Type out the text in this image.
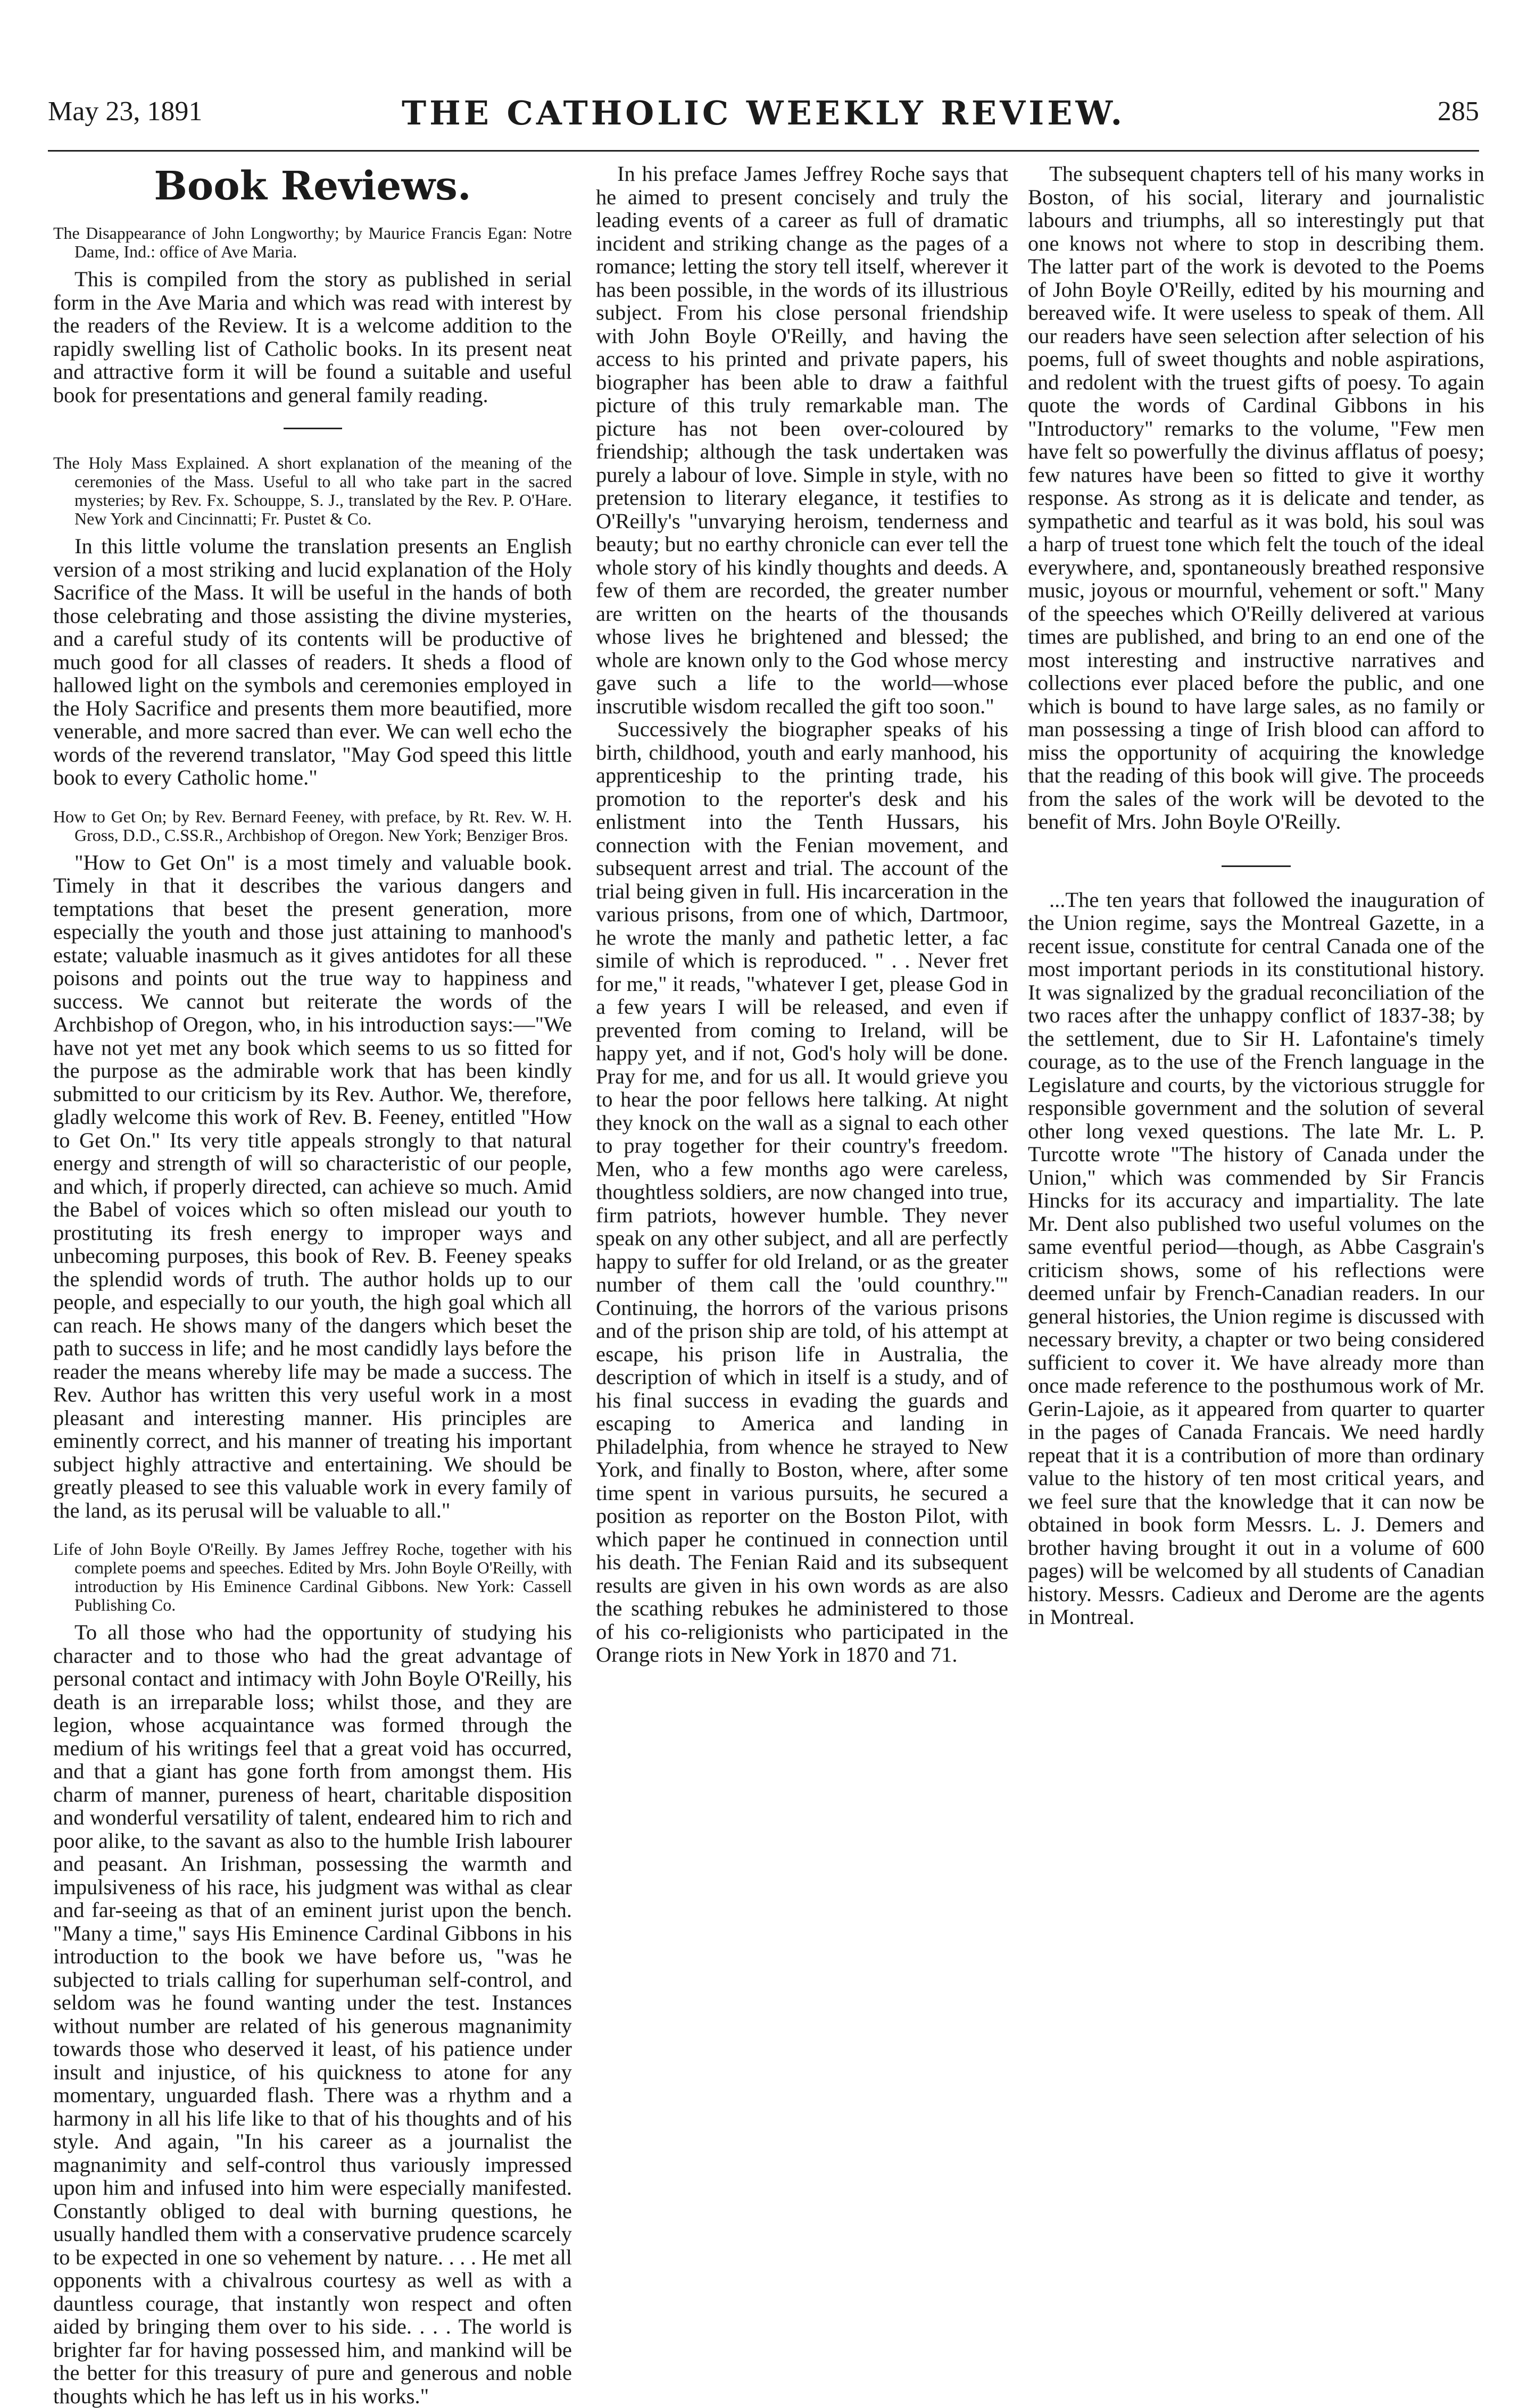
May 23, 1891	THE CATHOLIC WEEKLY REVIEW.	285
Book Reviews.
The Disappearance of John Longworthy; by Maurice Francis Egan: Notre Dame, Ind.: office of Ave Maria.

This is compiled from the story as published in serial form in the Ave Maria and which was read with interest by the readers of the Review. It is a welcome addition to the rapidly swelling list of Catholic books. In its present neat and attractive form it will be found a suitable and useful book for presentations and general family reading.

The Holy Mass Explained. A short explanation of the meaning of the ceremonies of the Mass. Useful to all who take part in the sacred mysteries; by Rev. Fx. Schouppe, S. J., translated by the Rev. P. O'Hare. New York and Cincinnatti; Fr. Pustet & Co.

In this little volume the translation presents an English version of a most striking and lucid explanation of the Holy Sacrifice of the Mass. It will be useful in the hands of both those celebrating and those assisting the divine mysteries, and a careful study of its contents will be productive of much good for all classes of readers. It sheds a flood of hallowed light on the symbols and ceremonies employed in the Holy Sacrifice and presents them more beautified, more venerable, and more sacred than ever. We can well echo the words of the reverend translator, "May God speed this little book to every Catholic home."

How to Get On; by Rev. Bernard Feeney, with preface, by Rt. Rev. W. H. Gross, D.D., C.SS.R., Archbishop of Oregon. New York; Benziger Bros.

"How to Get On" is a most timely and valuable book. Timely in that it describes the various dangers and temptations that beset the present generation, more especially the youth and those just attaining to manhood's estate; valuable inasmuch as it gives antidotes for all these poisons and points out the true way to happiness and success. We cannot but reiterate the words of the Archbishop of Oregon, who, in his introduction says:—"We have not yet met any book which seems to us so fitted for the purpose as the admirable work that has been kindly submitted to our criticism by its Rev. Author. We, therefore, gladly welcome this work of Rev. B. Feeney, entitled "How to Get On." Its very title appeals strongly to that natural energy and strength of will so characteristic of our people, and which, if properly directed, can achieve so much. Amid the Babel of voices which so often mislead our youth to prostituting its fresh energy to improper ways and unbecoming purposes, this book of Rev. B. Feeney speaks the splendid words of truth. The author holds up to our people, and especially to our youth, the high goal which all can reach. He shows many of the dangers which beset the path to success in life; and he most candidly lays before the reader the means whereby life may be made a success. The Rev. Author has written this very useful work in a most pleasant and interesting manner. His principles are eminently correct, and his manner of treating his important subject highly attractive and entertaining. We should be greatly pleased to see this valuable work in every family of the land, as its perusal will be valuable to all."

Life of John Boyle O'Reilly. By James Jeffrey Roche, together with his complete poems and speeches. Edited by Mrs. John Boyle O'Reilly, with introduction by His Eminence Cardinal Gibbons. New York: Cassell Publishing Co.

To all those who had the opportunity of studying his character and to those who had the great advantage of personal contact and intimacy with John Boyle O'Reilly, his death is an irreparable loss; whilst those, and they are legion, whose acquaintance was formed through the medium of his writings feel that a great void has occurred, and that a giant has gone forth from amongst them. His charm of manner, pureness of heart, charitable disposition and wonderful versatility of talent, endeared him to rich and poor alike, to the savant as also to the humble Irish labourer and peasant. An Irishman, possessing the warmth and impulsiveness of his race, his judgment was withal as clear and far-seeing as that of an eminent jurist upon the bench. "Many a time," says His Eminence Cardinal Gibbons in his introduction to the book we have before us, "was he subjected to trials calling for superhuman self-control, and seldom was he found wanting under the test. Instances without number are related of his generous magnanimity towards those who deserved it least, of his patience under insult and injustice, of his quickness to atone for any momentary, unguarded flash. There was a rhythm and a harmony in all his life like to that of his thoughts and of his style. And again, "In his career as a journalist the magnanimity and self-control thus variously impressed upon him and infused into him were especially manifested. Constantly obliged to deal with burning questions, he usually handled them with a conservative prudence scarcely to be expected in one so vehement by nature. . . . He met all opponents with a chivalrous courtesy as well as with a dauntless courage, that instantly won respect and often aided by bringing them over to his side. . . . The world is brighter far for having possessed him, and mankind will be the better for this treasury of pure and generous and noble thoughts which he has left us in his works."

In his preface James Jeffrey Roche says that he aimed to present concisely and truly the leading events of a career as full of dramatic incident and striking change as the pages of a romance; letting the story tell itself, wherever it has been possible, in the words of its illustrious subject. From his close personal friendship with John Boyle O'Reilly, and having the access to his printed and private papers, his biographer has been able to draw a faithful picture of this truly remarkable man. The picture has not been over-coloured by friendship; although the task undertaken was purely a labour of love. Simple in style, with no pretension to literary elegance, it testifies to O'Reilly's "unvarying heroism, tenderness and beauty; but no earthy chronicle can ever tell the whole story of his kindly thoughts and deeds. A few of them are recorded, the greater number are written on the hearts of the thousands whose lives he brightened and blessed; the whole are known only to the God whose mercy gave such a life to the world—whose inscrutible wisdom recalled the gift too soon."

Successively the biographer speaks of his birth, childhood, youth and early manhood, his apprenticeship to the printing trade, his promotion to the reporter's desk and his enlistment into the Tenth Hussars, his connection with the Fenian movement, and subsequent arrest and trial. The account of the trial being given in full. His incarceration in the various prisons, from one of which, Dartmoor, he wrote the manly and pathetic letter, a fac simile of which is reproduced. " . . Never fret for me," it reads, "whatever I get, please God in a few years I will be released, and even if prevented from coming to Ireland, will be happy yet, and if not, God's holy will be done. Pray for me, and for us all. It would grieve you to hear the poor fellows here talking. At night they knock on the wall as a signal to each other to pray together for their country's freedom. Men, who a few months ago were careless, thoughtless soldiers, are now changed into true, firm patriots, however humble. They never speak on any other subject, and all are perfectly happy to suffer for old Ireland, or as the greater number of them call the 'ould counthry.'" Continuing, the horrors of the various prisons and of the prison ship are told, of his attempt at escape, his prison life in Australia, the description of which in itself is a study, and of his final success in evading the guards and escaping to America and landing in Philadelphia, from whence he strayed to New York, and finally to Boston, where, after some time spent in various pursuits, he secured a position as reporter on the Boston Pilot, with which paper he continued in connection until his death. The Fenian Raid and its subsequent results are given in his own words as are also the scathing rebukes he administered to those of his co-religionists who participated in the Orange riots in New York in 1870 and 71.

The subsequent chapters tell of his many works in Boston, of his social, literary and journalistic labours and triumphs, all so interestingly put that one knows not where to stop in describing them. The latter part of the work is devoted to the Poems of John Boyle O'Reilly, edited by his mourning and bereaved wife. It were useless to speak of them. All our readers have seen selection after selection of his poems, full of sweet thoughts and noble aspirations, and redolent with the truest gifts of poesy. To again quote the words of Cardinal Gibbons in his "Introductory" remarks to the volume, "Few men have felt so powerfully the divinus afflatus of poesy; few natures have been so fitted to give it worthy response. As strong as it is delicate and tender, as sympathetic and tearful as it was bold, his soul was a harp of truest tone which felt the touch of the ideal everywhere, and, spontaneously breathed responsive music, joyous or mournful, vehement or soft." Many of the speeches which O'Reilly delivered at various times are published, and bring to an end one of the most interesting and instructive narratives and collections ever placed before the public, and one which is bound to have large sales, as no family or man possessing a tinge of Irish blood can afford to miss the opportunity of acquiring the knowledge that the reading of this book will give. The proceeds from the sales of the work will be devoted to the benefit of Mrs. John Boyle O'Reilly.

...The ten years that followed the inauguration of the Union regime, says the Montreal Gazette, in a recent issue, constitute for central Canada one of the most important periods in its constitutional history. It was signalized by the gradual reconciliation of the two races after the unhappy conflict of 1837-38; by the settlement, due to Sir H. Lafontaine's timely courage, as to the use of the French language in the Legislature and courts, by the victorious struggle for responsible government and the solution of several other long vexed questions. The late Mr. L. P. Turcotte wrote "The history of Canada under the Union," which was commended by Sir Francis Hincks for its accuracy and impartiality. The late Mr. Dent also published two useful volumes on the same eventful period—though, as Abbe Casgrain's criticism shows, some of his reflections were deemed unfair by French-Canadian readers. In our general histories, the Union regime is discussed with necessary brevity, a chapter or two being considered sufficient to cover it. We have already more than once made reference to the posthumous work of Mr. Gerin-Lajoie, as it appeared from quarter to quarter in the pages of Canada Francais. We need hardly repeat that it is a contribution of more than ordinary value to the history of ten most critical years, and we feel sure that the knowledge that it can now be obtained in book form Messrs. L. J. Demers and brother having brought it out in a volume of 600 pages) will be welcomed by all students of Canadian history. Messrs. Cadieux and Derome are the agents in Montreal.
